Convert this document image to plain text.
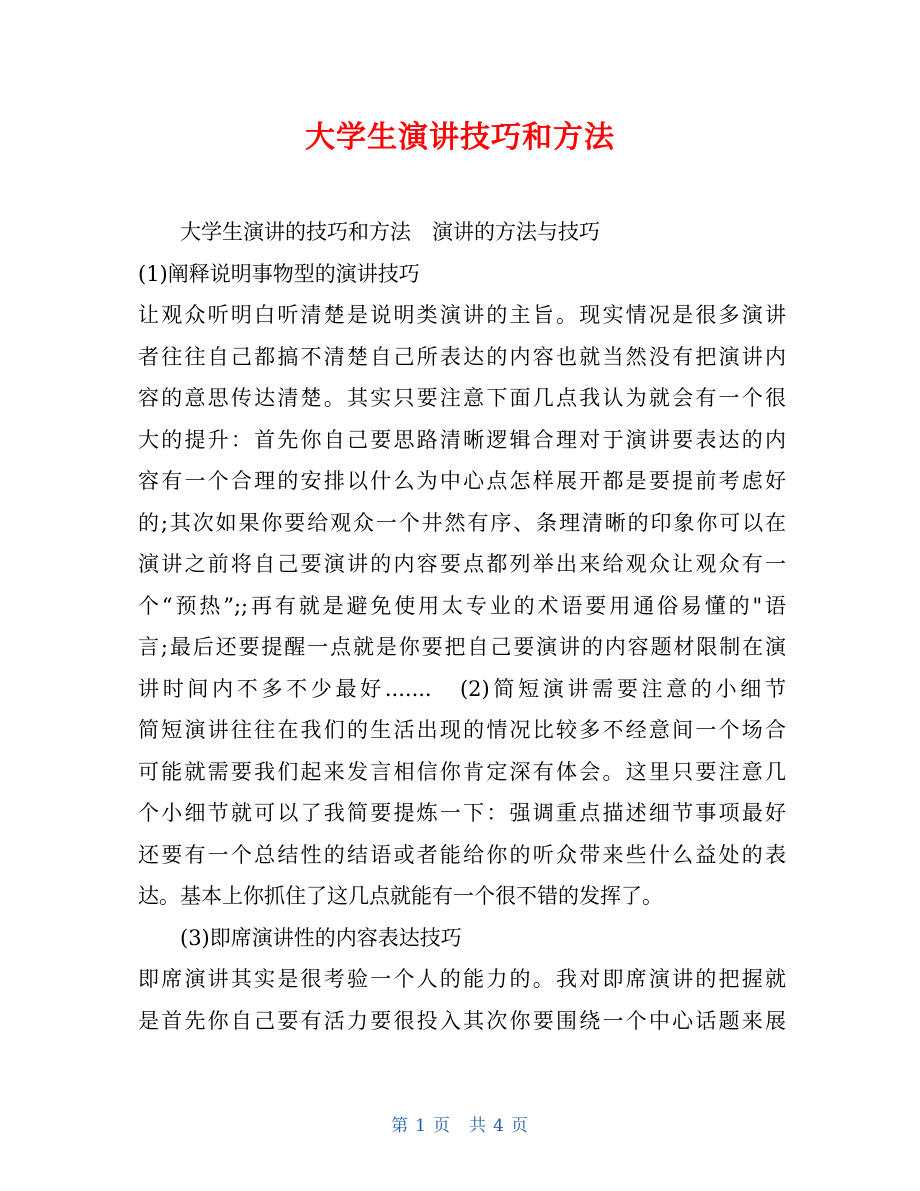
大学生演讲技巧和方法
大学生演讲的技巧和方法　演讲的方法与技巧
(1)阐释说明事物型的演讲技巧
让观众听明白听清楚是说明类演讲的主旨。现实情况是很多演讲
者往往自己都搞不清楚自己所表达的内容也就当然没有把演讲内
容的意思传达清楚。其实只要注意下面几点我认为就会有一个很
大的提升：首先你自己要思路清晰逻辑合理对于演讲要表达的内
容有一个合理的安排以什么为中心点怎样展开都是要提前考虑好
的;其次如果你要给观众一个井然有序、条理清晰的印象你可以在
演讲之前将自己要演讲的内容要点都列举出来给观众让观众有一
个“预热”;;再有就是避免使用太专业的术语要用通俗易懂的"语
言;最后还要提醒一点就是你要把自己要演讲的内容题材限制在演
讲时间内不多不少最好.......　(2)简短演讲需要注意的小细节
简短演讲往往在我们的生活出现的情况比较多不经意间一个场合
可能就需要我们起来发言相信你肯定深有体会。这里只要注意几
个小细节就可以了我简要提炼一下：强调重点描述细节事项最好
还要有一个总结性的结语或者能给你的听众带来些什么益处的表
达。基本上你抓住了这几点就能有一个很不错的发挥了。
(3)即席演讲性的内容表达技巧
即席演讲其实是很考验一个人的能力的。我对即席演讲的把握就
是首先你自己要有活力要很投入其次你要围绕一个中心话题来展
第 1 页　共 4 页
